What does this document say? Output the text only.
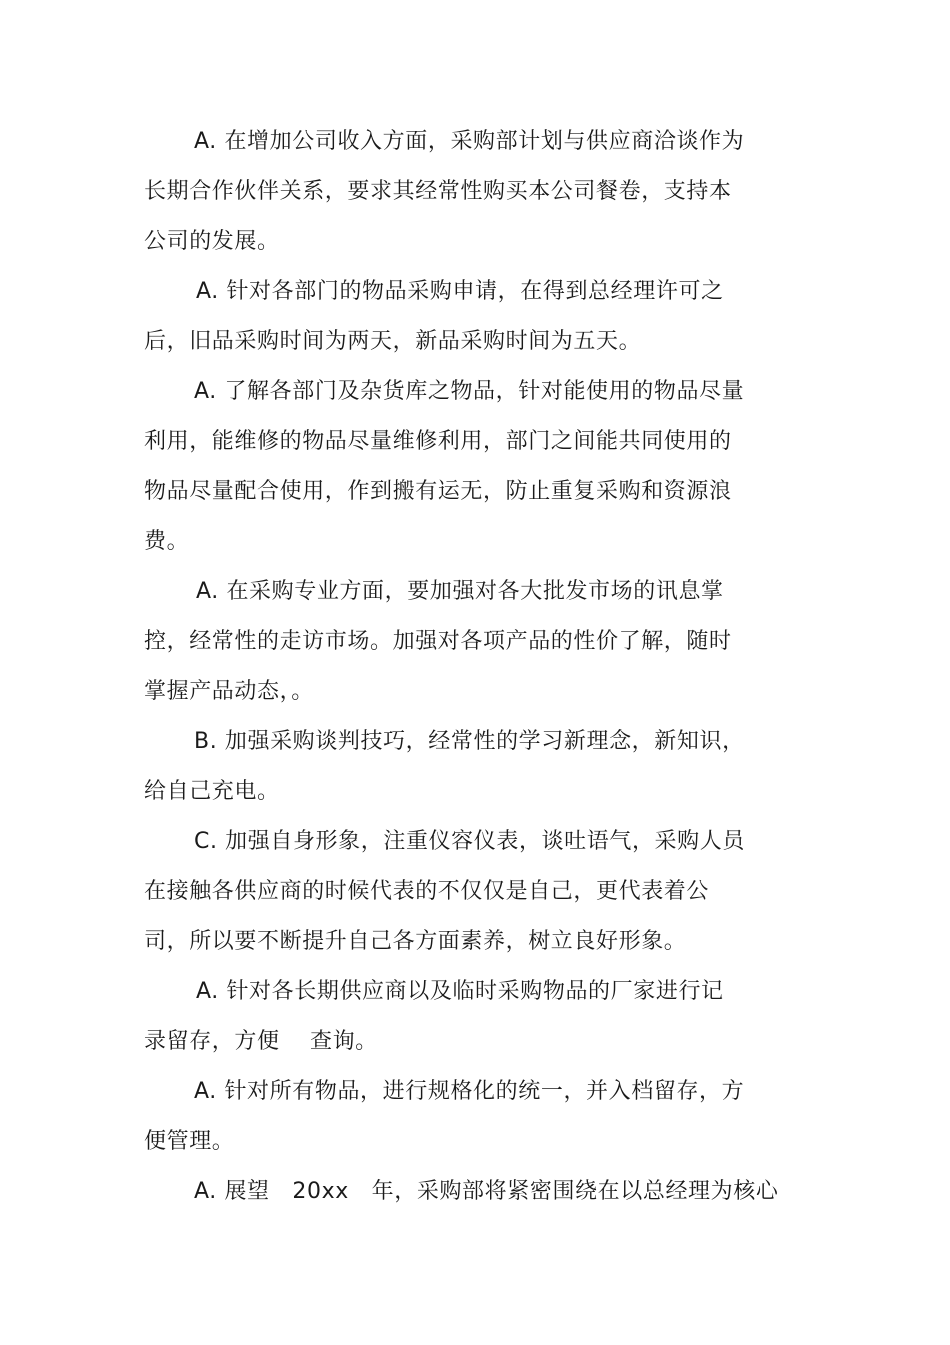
A. 在增加公司收入方面，采购部计划与供应商洽谈作为
长期合作伙伴关系，要求其经常性购买本公司餐卷，支持本
公司的发展。
A. 针对各部门的物品采购申请，在得到总经理许可之
后，旧品采购时间为两天，新品采购时间为五天。
A. 了解各部门及杂货库之物品，针对能使用的物品尽量
利用，能维修的物品尽量维修利用，部门之间能共同使用的
物品尽量配合使用，作到搬有运无，防止重复采购和资源浪
费。
A. 在采购专业方面，要加强对各大批发市场的讯息掌
控，经常性的走访市场。加强对各项产品的性价了解，随时
掌握产品动态，。
B. 加强采购谈判技巧，经常性的学习新理念，新知识，
给自己充电。
C. 加强自身形象，注重仪容仪表，谈吐语气，采购人员
在接触各供应商的时候代表的不仅仅是自己，更代表着公
司，所以要不断提升自己各方面素养，树立良好形象。
A. 针对各长期供应商以及临时采购物品的厂家进行记
录留存，方便    查询。
A. 针对所有物品，进行规格化的统一，并入档留存，方
便管理。
A. 展望   20xx   年，采购部将紧密围绕在以总经理为核心
